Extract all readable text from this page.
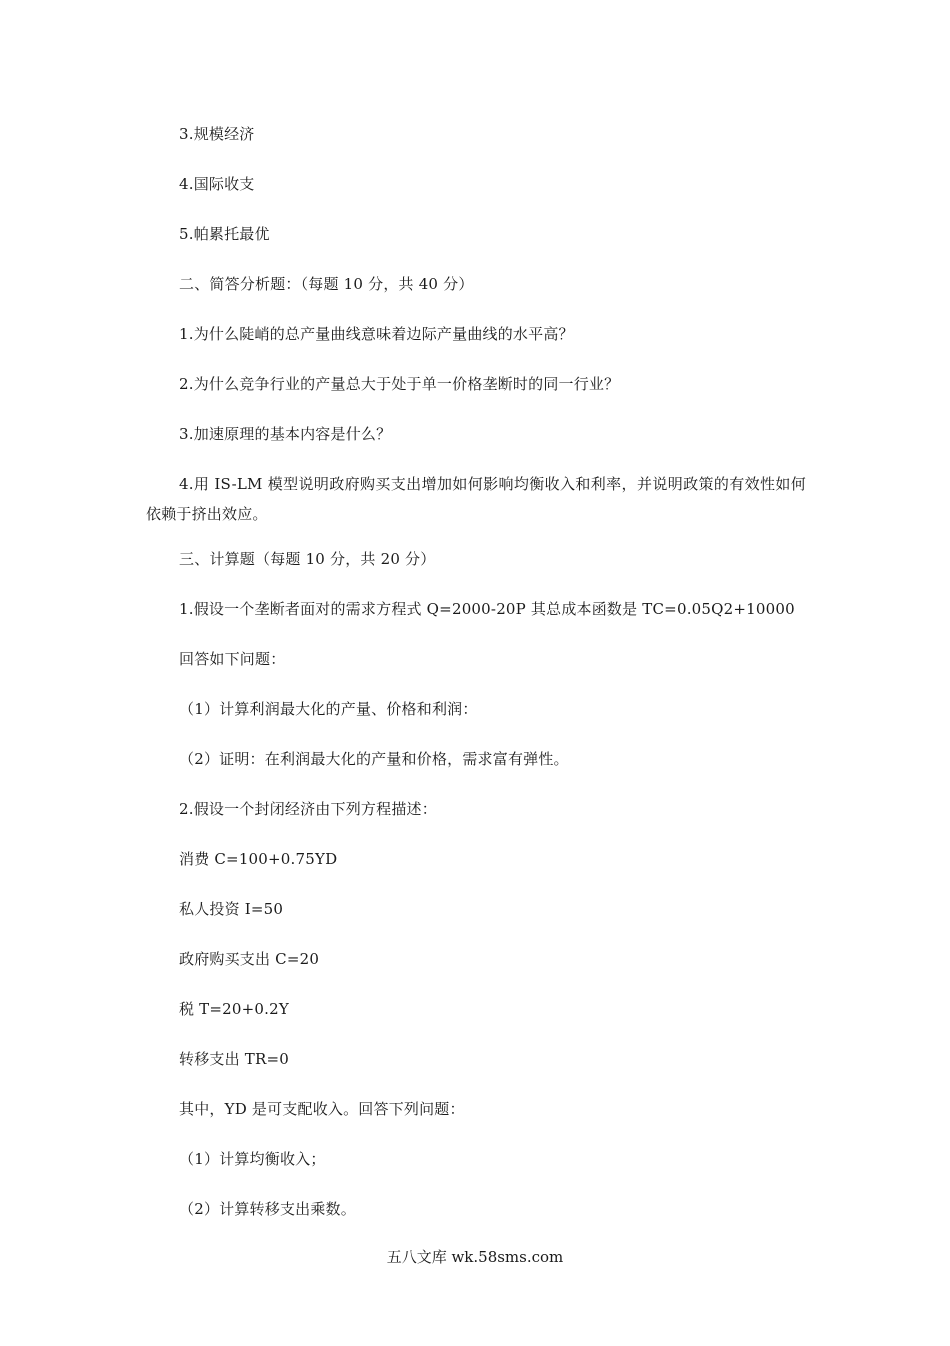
3.规模经济
4.国际收支
5.帕累托最优
二、简答分析题：（每题 10 分，共 40 分）
1.为什么陡峭的总产量曲线意味着边际产量曲线的水平高？
2.为什么竞争行业的产量总大于处于单一价格垄断时的同一行业？
3.加速原理的基本内容是什么？
4.用 IS-LM 模型说明政府购买支出增加如何影响均衡收入和利率，并说明政策的有效性如何依赖于挤出效应。
三、计算题（每题 10 分，共 20 分）
1.假设一个垄断者面对的需求方程式 Q=2000-20P 其总成本函数是 TC=0.05Q2+10000
回答如下问题：
（1）计算利润最大化的产量、价格和利润：
（2）证明：在利润最大化的产量和价格，需求富有弹性。
2.假设一个封闭经济由下列方程描述：
消费 C=100+0.75YD
私人投资 I=50
政府购买支出 C=20
税 T=20+0.2Y
转移支出 TR=0
其中，YD 是可支配收入。回答下列问题：
（1）计算均衡收入；
（2）计算转移支出乘数。
五八文库 wk.58sms.com
